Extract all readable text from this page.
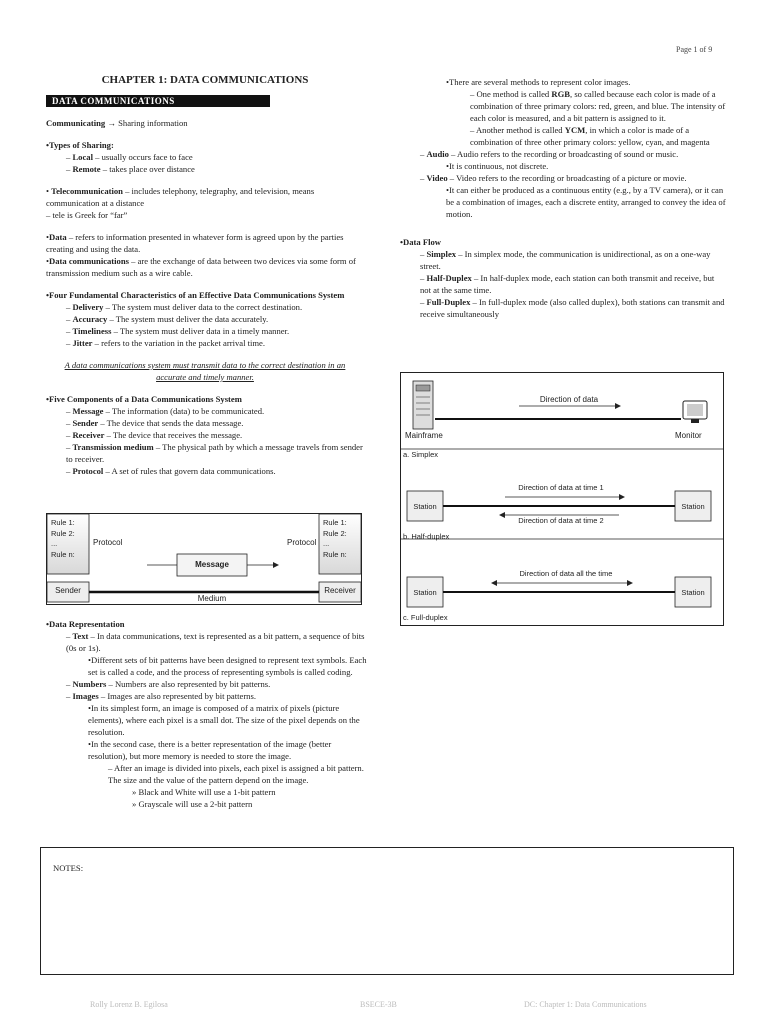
Page 1 of 9
CHAPTER 1: DATA COMMUNICATIONS
DATA COMMUNICATIONS

Communicating → Sharing information

•Types of Sharing:

– Local – usually occurs face to face

– Remote – takes place over distance

• Telecommunication – includes telephony, telegraphy, and television, means communication at a distance

– tele is Greek for “far”

•Data – refers to information presented in whatever form is agreed upon by the parties creating and using the data.

•Data communications – are the exchange of data between two devices via some form of transmission medium such as a wire cable.

•Four Fundamental Characteristics of an Effective Data Communications System

– Delivery – The system must deliver data to the correct destination.

– Accuracy – The system must deliver the data accurately.

– Timeliness – The system must deliver data in a timely manner.

– Jitter – refers to the variation in the packet arrival time.

A data communications system must transmit data to the correct destination in an accurate and timely manner.

•Five Components of a Data Communications System

– Message – The information (data) to be communicated.

– Sender – The device that sends the data message.

– Receiver – The device that receives the message.

– Transmission medium – The physical path by which a message travels from sender to receiver.

– Protocol – A set of rules that govern data communications.

Rule 1:
Rule 2:
...
Rule n:
Rule 1:
Rule 2:
...
Rule n:
Protocol	Protocol
Message
Sender	Receiver
Medium

•Data Representation

– Text – In data communications, text is represented as a bit pattern, a sequence of bits (0s or 1s).

•Different sets of bit patterns have been designed to represent text symbols. Each set is called a code, and the process of representing symbols is called coding.

– Numbers – Numbers are also represented by bit patterns.

– Images – Images are also represented by bit patterns.

•In its simplest form, an image is composed of a matrix of pixels (picture elements), where each pixel is a small dot. The size of the pixel depends on the resolution.

•In the second case, there is a better representation of the image (better resolution), but more memory is needed to store the image.

– After an image is divided into pixels, each pixel is assigned a bit pattern. The size and the value of the pattern depend on the image.

» Black and White will use a 1-bit pattern

» Grayscale will use a 2-bit pattern

•There are several methods to represent color images.

– One method is called RGB, so called because each color is made of a combination of three primary colors: red, green, and blue. The intensity of each color is measured, and a bit pattern is assigned to it.

– Another method is called YCM, in which a color is made of a combination of three other primary colors: yellow, cyan, and magenta

– Audio – Audio refers to the recording or broadcasting of sound or music.

•It is continuous, not discrete.

– Video – Video refers to the recording or broadcasting of a picture or movie.

•It can either be produced as a continuous entity (e.g., by a TV camera), or it can be a combination of images, each a discrete entity, arranged to convey the idea of motion.

•Data Flow

– Simplex – In simplex mode, the communication is unidirectional, as on a one-way street.

– Half-Duplex – In half-duplex mode, each station can both transmit and receive, but not at the same time.

– Full-Duplex – In full-duplex mode (also called duplex), both stations can transmit and receive simultaneously

Direction of data
Mainframe	Monitor
a. Simplex
Direction of data at time 1
Direction of data at time 2
Station	Station
b. Half-duplex
Direction of data all the time
Station	Station
c. Full-duplex
NOTES:
Rolly Lorenz B. Egilosa	BSECE-3B	DC: Chapter 1: Data Communications
